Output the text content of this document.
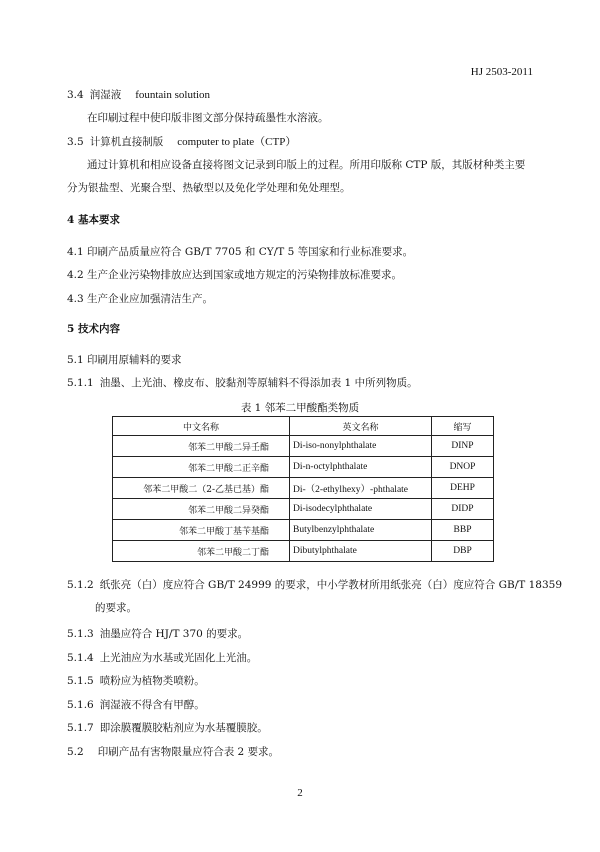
HJ 2503-2011
3.4 润湿液 fountain solution
在印刷过程中使印版非图文部分保持疏墨性水溶液。
3.5 计算机直接制版 computer to plate（CTP）
通过计算机和相应设备直接将图文记录到印版上的过程。所用印版称 CTP 版，其版材种类主要
分为银盐型、光聚合型、热敏型以及免化学处理和免处理型。
4 基本要求
4.1 印刷产品质量应符合 GB/T 7705 和 CY/T 5 等国家和行业标准要求。
4.2 生产企业污染物排放应达到国家或地方规定的污染物排放标准要求。
4.3 生产企业应加强清洁生产。
5 技术内容
5.1 印刷用原辅料的要求
5.1.1 油墨、上光油、橡皮布、胶黏剂等原辅料不得添加表 1 中所列物质。
表 1 邻苯二甲酸酯类物质
中文名称	英文名称	缩写
邻苯二甲酸二异壬酯	Di-iso-nonylphthalate	DINP
邻苯二甲酸二正辛酯	Di-n-octylphthalate	DNOP
邻苯二甲酸二（2-乙基已基）酯	Di-（2-ethylhexy）-phthalate	DEHP
邻苯二甲酸二异癸酯	Di-isodecylphthalate	DIDP
邻苯二甲酸丁基苄基酯	Butylbenzylphthalate	BBP
邻苯二甲酸二丁酯	Dibutylphthalate	DBP
5.1.2 纸张亮（白）度应符合 GB/T 24999 的要求，中小学教材所用纸张亮（白）度应符合 GB/T 18359
的要求。
5.1.3 油墨应符合 HJ/T 370 的要求。
5.1.4 上光油应为水基或光固化上光油。
5.1.5 喷粉应为植物类喷粉。
5.1.6 润湿液不得含有甲醇。
5.1.7 即涂膜覆膜胶粘剂应为水基覆膜胶。
5.2 印刷产品有害物限量应符合表 2 要求。
2
